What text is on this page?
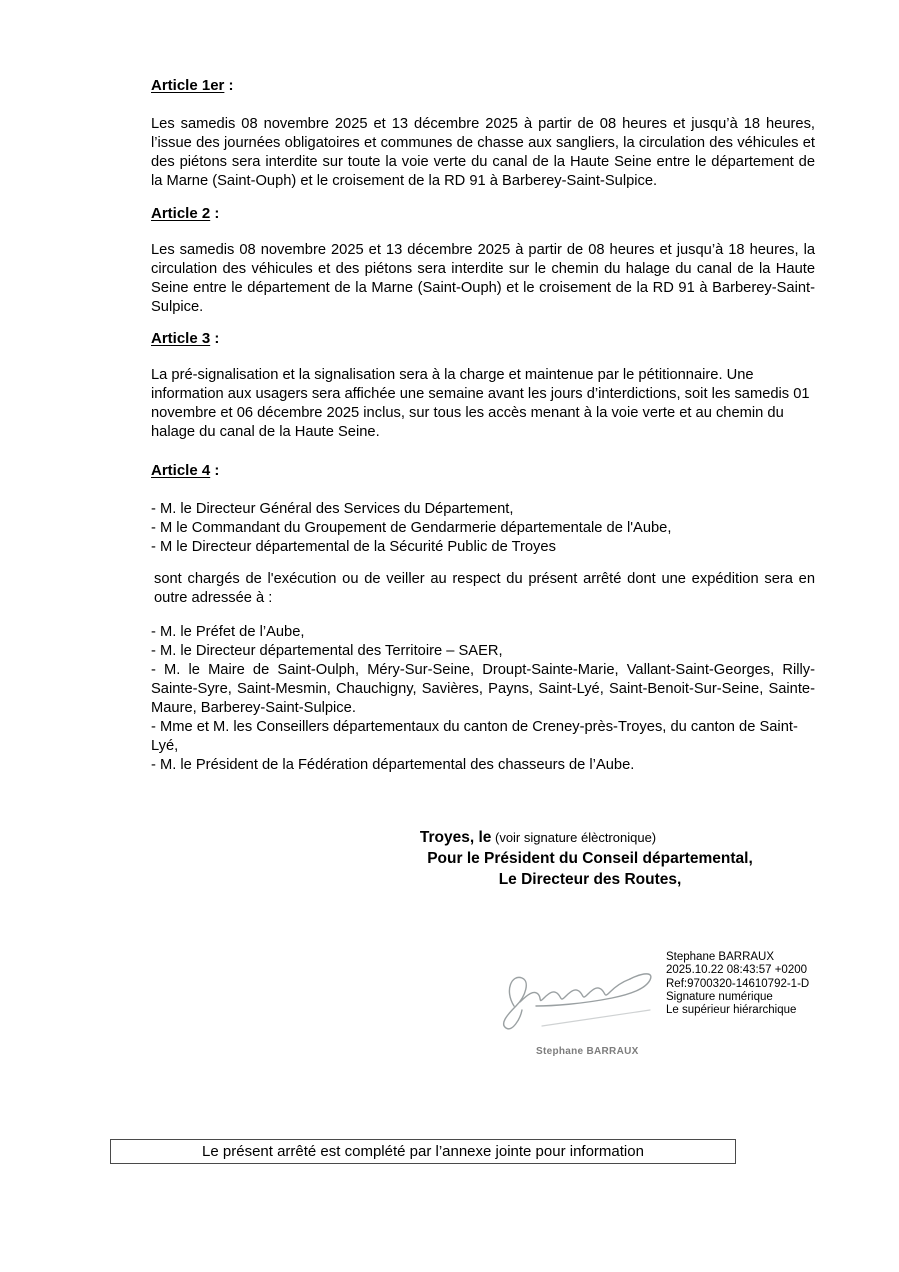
Article 1er :

Les samedis 08 novembre 2025 et 13 décembre 2025 à partir de 08 heures et jusqu’à 18 heures, l’issue des journées obligatoires et communes de chasse aux sangliers, la circulation des véhicules et des piétons sera interdite sur toute la voie verte du canal de la Haute Seine entre le département de la Marne (Saint-Ouph) et le croisement de la RD 91 à Barberey-Saint-Sulpice.

Article 2 :

Les samedis 08 novembre 2025 et 13 décembre 2025 à partir de 08 heures et jusqu’à 18 heures, la circulation des véhicules et des piétons sera interdite sur le chemin du halage du canal de la Haute Seine entre le département de la Marne (Saint-Ouph) et le croisement de la RD 91 à Barberey-Saint-Sulpice.

Article 3 :

La pré-signalisation et la signalisation sera à la charge et maintenue par le pétitionnaire. Une information aux usagers sera affichée une semaine avant les jours d’interdictions, soit les samedis 01 novembre et 06 décembre 2025 inclus, sur tous les accès menant à la voie verte et au chemin du halage du canal de la Haute Seine.

Article 4 :
- M. le Directeur Général des Services du Département,
- M le Commandant du Groupement de Gendarmerie départementale de l'Aube,
- M le Directeur départemental de la Sécurité Public de Troyes

sont chargés de l'exécution ou de veiller au respect du présent arrêté dont une expédition sera en outre adressée à :

- M. le Préfet de l’Aube,
- M. le Directeur départemental des Territoire – SAER,

- M. le Maire de Saint-Oulph, Méry-Sur-Seine, Droupt-Sainte-Marie, Vallant-Saint-Georges, Rilly-Sainte-Syre, Saint-Mesmin, Chauchigny, Savières, Payns, Saint-Lyé, Saint-Benoit-Sur-Seine, Sainte-Maure, Barberey-Saint-Sulpice.

- Mme et M. les Conseillers départementaux du canton de Creney-près-Troyes, du canton de Saint-Lyé,

- M. le Président de la Fédération départemental des chasseurs de l’Aube.
Troyes, le (voir signature élèctronique)
Pour le Président du Conseil départemental,
Le Directeur des Routes,
Stephane BARRAUX
2025.10.22 08:43:57 +0200
Ref:9700320-14610792-1-D
Signature numérique
Le supérieur hiérarchique
Stephane BARRAUX
Le présent arrêté est complété par l’annexe jointe pour information
